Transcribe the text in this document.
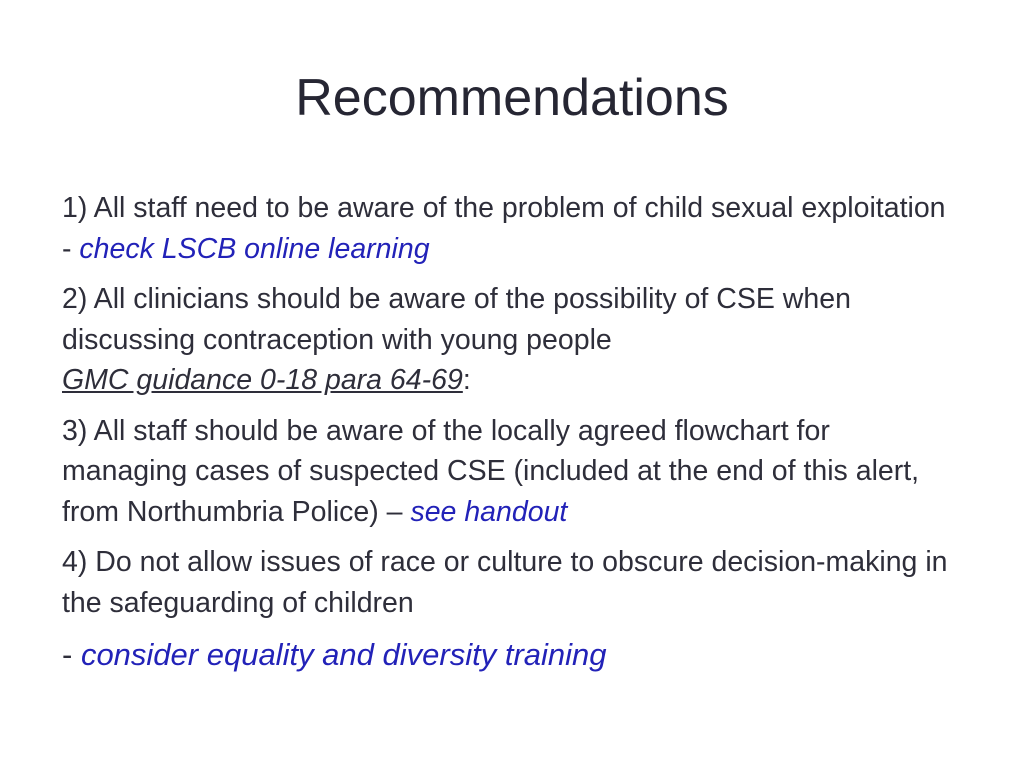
Recommendations
1) All staff need to be aware of the problem of child sexual exploitation - check LSCB online learning
2) All clinicians should be aware of the possibility of CSE when discussing contraception with young people
GMC guidance 0-18 para 64-69:
3) All staff should be aware of the locally agreed flowchart for managing cases of suspected CSE (included at the end of this alert, from Northumbria Police) – see handout
4) Do not allow issues of race or culture to obscure decision-making in the safeguarding of children
- consider equality and diversity training
